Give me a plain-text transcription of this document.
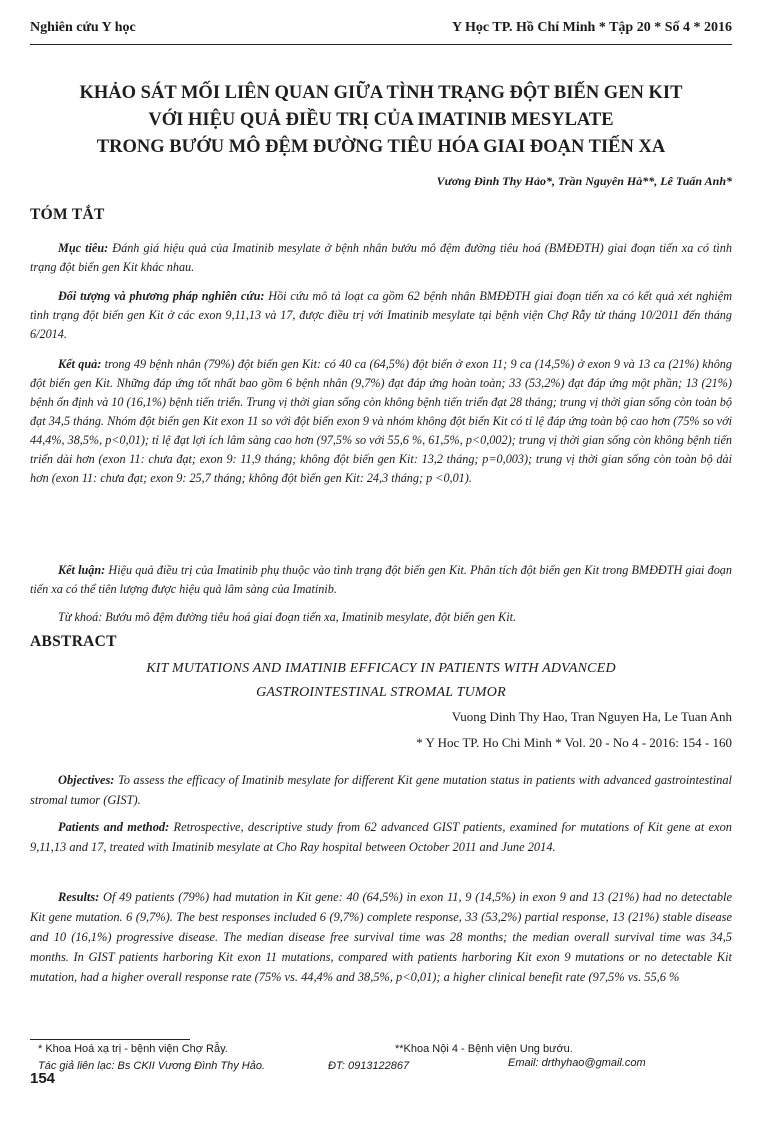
Nghiên cứu Y học	Y Học TP. Hồ Chí Minh * Tập 20 * Số 4 * 2016
KHẢO SÁT MỐI LIÊN QUAN GIỮA TÌNH TRẠNG ĐỘT BIẾN GEN KIT
VỚI HIỆU QUẢ ĐIỀU TRỊ CỦA IMATINIB MESYLATE
TRONG BƯỚU MÔ ĐỆM ĐƯỜNG TIÊU HÓA GIAI ĐOẠN TIẾN XA
Vương Đình Thy Hảo*, Trần Nguyên Hà**, Lê Tuấn Anh*
TÓM TẮT
Mục tiêu: Đánh giá hiệu quả của Imatinib mesylate ở bệnh nhân bướu mô đệm đường tiêu hoá (BMĐĐTH) giai đoạn tiến xa có tình trạng đột biến gen Kit khác nhau.
Đối tượng và phương pháp nghiên cứu: Hồi cứu mô tả loạt ca gồm 62 bệnh nhân BMĐĐTH giai đoạn tiến xa có kết quả xét nghiệm tình trạng đột biến gen Kit ở các exon 9,11,13 và 17, được điều trị với Imatinib mesylate tại bệnh viện Chợ Rẫy từ tháng 10/2011 đến tháng 6/2014.
Kết quả: trong 49 bệnh nhân (79%) đột biến gen Kit: có 40 ca (64,5%) đột biến ở exon 11; 9 ca (14,5%) ở exon 9 và 13 ca (21%) không đột biến gen Kit. Những đáp ứng tốt nhất bao gồm 6 bệnh nhân (9,7%) đạt đáp ứng hoàn toàn; 33 (53,2%) đạt đáp ứng một phần; 13 (21%) bệnh ổn định và 10 (16,1%) bệnh tiến triển. Trung vị thời gian sống còn không bệnh tiến triển đạt 28 tháng; trung vị thời gian sống còn toàn bộ đạt 34,5 tháng. Nhóm đột biến gen Kit exon 11 so với đột biến exon 9 và nhóm không đột biến Kit có tỉ lệ đáp ứng toàn bộ cao hơn (75% so với 44,4%, 38,5%, p<0,01); tỉ lệ đạt lợi ích lâm sàng cao hơn (97,5% so với 55,6 %, 61,5%, p<0,002); trung vị thời gian sống còn không bệnh tiến triển dài hơn (exon 11: chưa đạt; exon 9: 11,9 tháng; không đột biến gen Kit: 13,2 tháng; p=0,003); trung vị thời gian sống còn toàn bộ dài hơn (exon 11: chưa đạt; exon 9: 25,7 tháng; không đột biến gen Kit: 24,3 tháng; p <0,01).
Kết luận: Hiệu quả điều trị của Imatinib phụ thuộc vào tình trạng đột biến gen Kit. Phân tích đột biến gen Kit trong BMĐĐTH giai đoạn tiến xa có thể tiên lượng được hiệu quả lâm sàng của Imatinib.
Từ khoá: Bướu mô đệm đường tiêu hoá giai đoạn tiến xa, Imatinib mesylate, đột biến gen Kit.
ABSTRACT
KIT MUTATIONS AND IMATINIB EFFICACY IN PATIENTS WITH ADVANCED
GASTROINTESTINAL STROMAL TUMOR
Vuong Dinh Thy Hao, Tran Nguyen Ha, Le Tuan Anh
* Y Hoc TP. Ho Chi Minh * Vol. 20 - No 4 - 2016: 154 - 160
Objectives: To assess the efficacy of Imatinib mesylate for different Kit gene mutation status in patients with advanced gastrointestinal stromal tumor (GIST).
Patients and method: Retrospective, descriptive study from 62 advanced GIST patients, examined for mutations of Kit gene at exon 9,11,13 and 17, treated with Imatinib mesylate at Cho Ray hospital between October 2011 and June 2014.
Results: Of 49 patients (79%) had mutation in Kit gene: 40 (64,5%) in exon 11, 9 (14,5%) in exon 9 and 13 (21%) had no detectable Kit gene mutation. 6 (9,7%). The best responses included 6 (9,7%) complete response, 33 (53,2%) partial response, 13 (21%) stable disease and 10 (16,1%) progressive disease. The median disease free survival time was 28 months; the median overall survival time was 34,5 months. In GIST patients harboring Kit exon 11 mutations, compared with patients harboring Kit exon 9 mutations or no detectable Kit mutation, had a higher overall response rate (75% vs. 44,4% and 38,5%, p<0,01); a higher clinical benefit rate (97,5% vs. 55,6 %
* Khoa Hoá xạ trị - bệnh viện Chợ Rẫy.	**Khoa Nội 4 - Bệnh viện Ung bướu.
Tác giả liên lạc: Bs CKII Vương Đình Thy Hảo.	ĐT: 0913122867	Email: drthyhao@gmail.com
154
